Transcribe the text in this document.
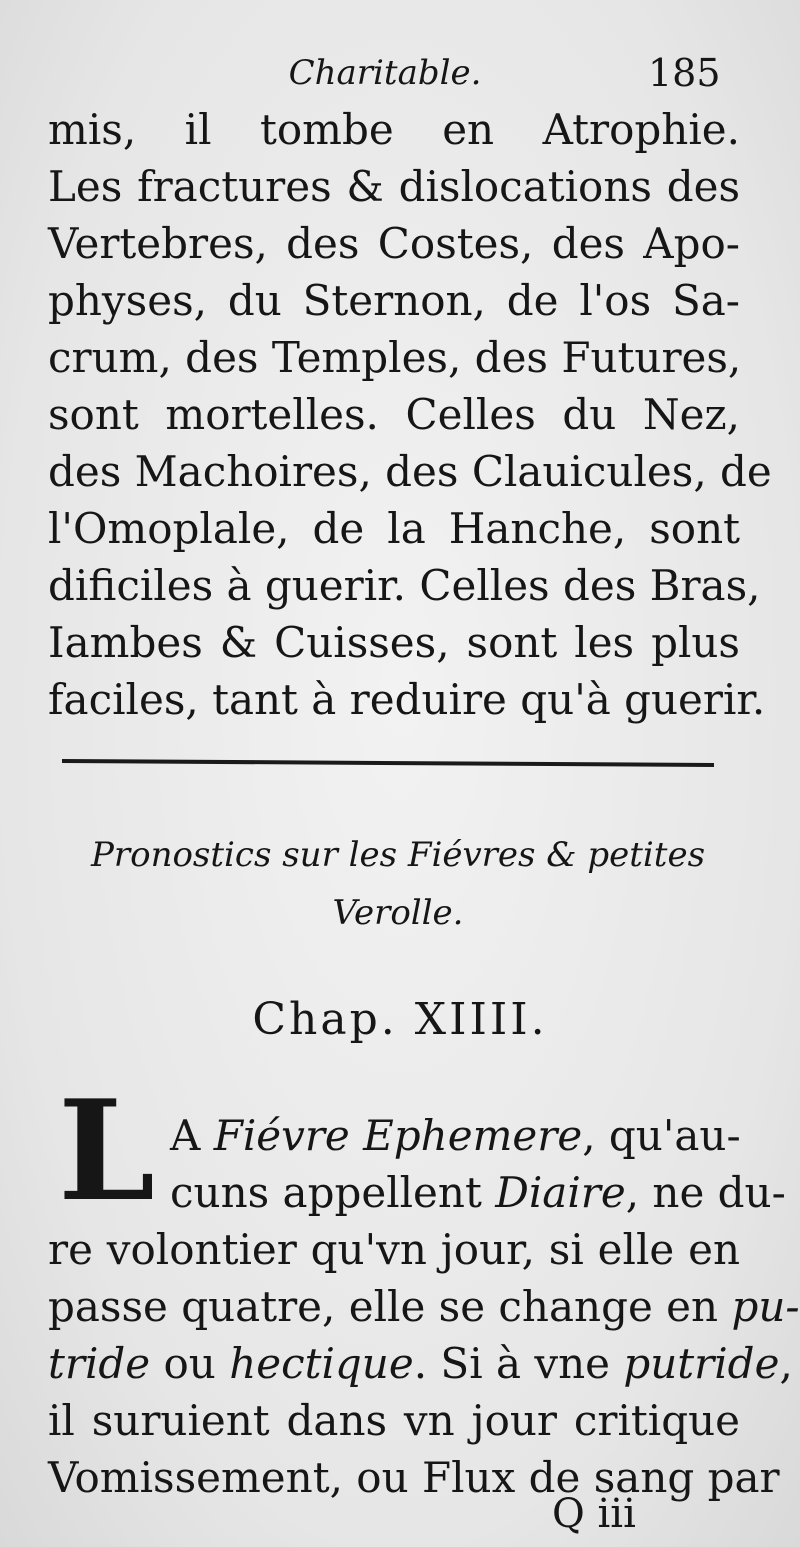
Charitable.	185
mis, il tombe en Atrophie.
Les fractures & dislocations des
Vertebres, des Costes, des Apo-
physes, du Sternon, de l'os Sa-
crum, des Temples, des Futures,
sont mortelles. Celles du Nez,
des Machoires, des Clauicules, de
l'Omoplale, de la Hanche, sont
dificiles à guerir. Celles des Bras,
Iambes & Cuisses, sont les plus
faciles, tant à reduire qu'à guerir.
Pronostics sur les Fiévres & petites
Verolle.
Chap. XIIII.
L A Fiévre Ephemere, qu'au-
cuns appellent Diaire, ne du-
re volontier qu'vn jour, si elle en
passe quatre, elle se change en pu-
tride ou hectique. Si à vne putride,
il suruient dans vn jour critique
Vomissement, ou Flux de sang par
Q iii
